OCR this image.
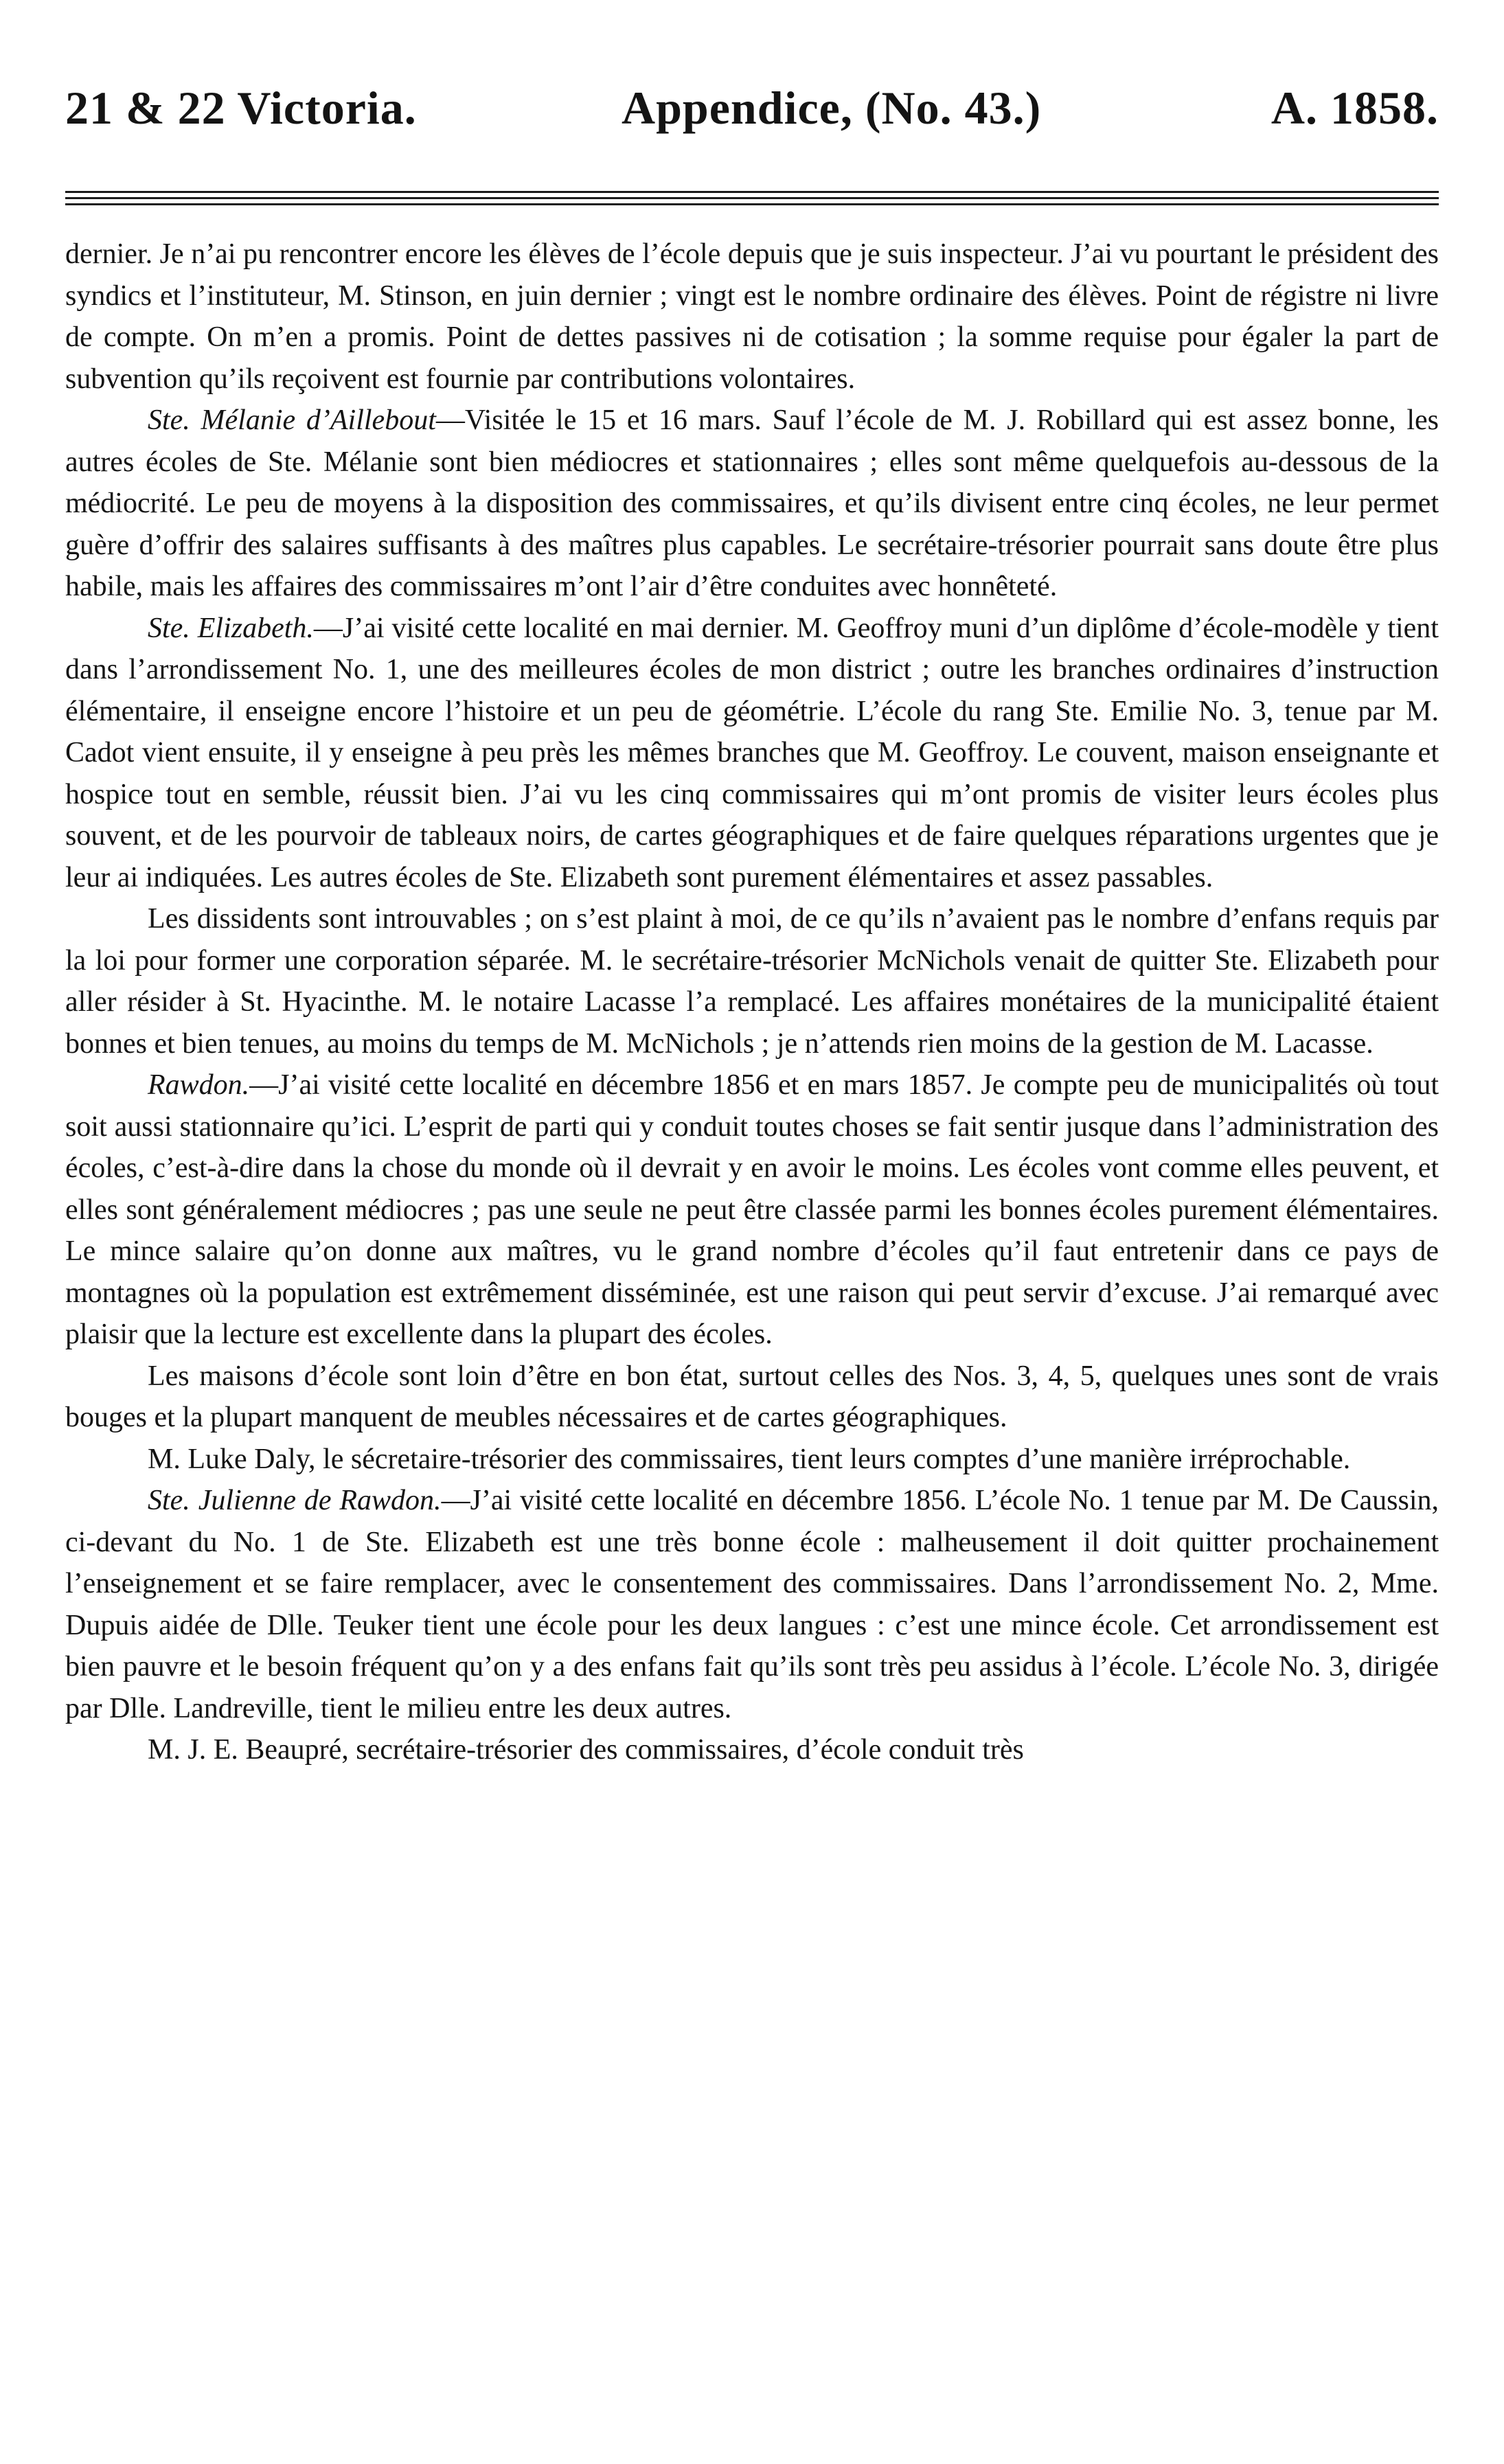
21 & 22 Victoria.	Appendice, (No. 43.)	A. 1858.

dernier. Je n’ai pu rencontrer encore les élèves de l’école depuis que je suis inspecteur. J’ai vu pourtant le président des syndics et l’instituteur, M. Stinson, en juin dernier ; vingt est le nombre ordinaire des élèves. Point de régistre ni livre de compte. On m’en a promis. Point de dettes passives ni de cotisation ; la somme requise pour égaler la part de subvention qu’ils reçoivent est fournie par contributions volontaires.

Ste. Mélanie d’Aillebout—Visitée le 15 et 16 mars. Sauf l’école de M. J. Robillard qui est assez bonne, les autres écoles de Ste. Mélanie sont bien médiocres et stationnaires ; elles sont même quelquefois au-dessous de la médiocrité. Le peu de moyens à la disposition des commissaires, et qu’ils divisent entre cinq écoles, ne leur permet guère d’offrir des salaires suffisants à des maîtres plus capables. Le secrétaire-trésorier pourrait sans doute être plus habile, mais les affaires des commissaires m’ont l’air d’être conduites avec honnêteté.

Ste. Elizabeth.—J’ai visité cette localité en mai dernier. M. Geoffroy muni d’un diplôme d’école-modèle y tient dans l’arrondissement No. 1, une des meilleures écoles de mon district ; outre les branches ordinaires d’instruction élémentaire, il enseigne encore l’histoire et un peu de géométrie. L’école du rang Ste. Emilie No. 3, tenue par M. Cadot vient ensuite, il y enseigne à peu près les mêmes branches que M. Geoffroy. Le couvent, maison enseignante et hospice tout en semble, réussit bien. J’ai vu les cinq commissaires qui m’ont promis de visiter leurs écoles plus souvent, et de les pourvoir de tableaux noirs, de cartes géographiques et de faire quelques réparations urgentes que je leur ai indiquées. Les autres écoles de Ste. Elizabeth sont purement élémentaires et assez passables.

Les dissidents sont introuvables ; on s’est plaint à moi, de ce qu’ils n’avaient pas le nombre d’enfans requis par la loi pour former une corporation séparée. M. le secrétaire-trésorier McNichols venait de quitter Ste. Elizabeth pour aller résider à St. Hyacinthe. M. le notaire Lacasse l’a remplacé. Les affaires monétaires de la municipalité étaient bonnes et bien tenues, au moins du temps de M. McNichols ; je n’attends rien moins de la gestion de M. Lacasse.

Rawdon.—J’ai visité cette localité en décembre 1856 et en mars 1857. Je compte peu de municipalités où tout soit aussi stationnaire qu’ici. L’esprit de parti qui y conduit toutes choses se fait sentir jusque dans l’administration des écoles, c’est-à-dire dans la chose du monde où il devrait y en avoir le moins. Les écoles vont comme elles peuvent, et elles sont généralement médiocres ; pas une seule ne peut être classée parmi les bonnes écoles purement élémentaires. Le mince salaire qu’on donne aux maîtres, vu le grand nombre d’écoles qu’il faut entretenir dans ce pays de montagnes où la population est extrêmement disséminée, est une raison qui peut servir d’excuse. J’ai remarqué avec plaisir que la lecture est excellente dans la plupart des écoles.

Les maisons d’école sont loin d’être en bon état, surtout celles des Nos. 3, 4, 5, quelques unes sont de vrais bouges et la plupart manquent de meubles nécessaires et de cartes géographiques.

M. Luke Daly, le sécretaire-trésorier des commissaires, tient leurs comptes d’une manière irréprochable.

Ste. Julienne de Rawdon.—J’ai visité cette localité en décembre 1856. L’école No. 1 tenue par M. De Caussin, ci-devant du No. 1 de Ste. Elizabeth est une très bonne école : malheusement il doit quitter prochainement l’enseignement et se faire remplacer, avec le consentement des commissaires. Dans l’arrondissement No. 2, Mme. Dupuis aidée de Dlle. Teuker tient une école pour les deux langues : c’est une mince école. Cet arrondissement est bien pauvre et le besoin fréquent qu’on y a des enfans fait qu’ils sont très peu assidus à l’école. L’école No. 3, dirigée par Dlle. Landreville, tient le milieu entre les deux autres.

M. J. E. Beaupré, secrétaire-trésorier des commissaires, d’école conduit très
